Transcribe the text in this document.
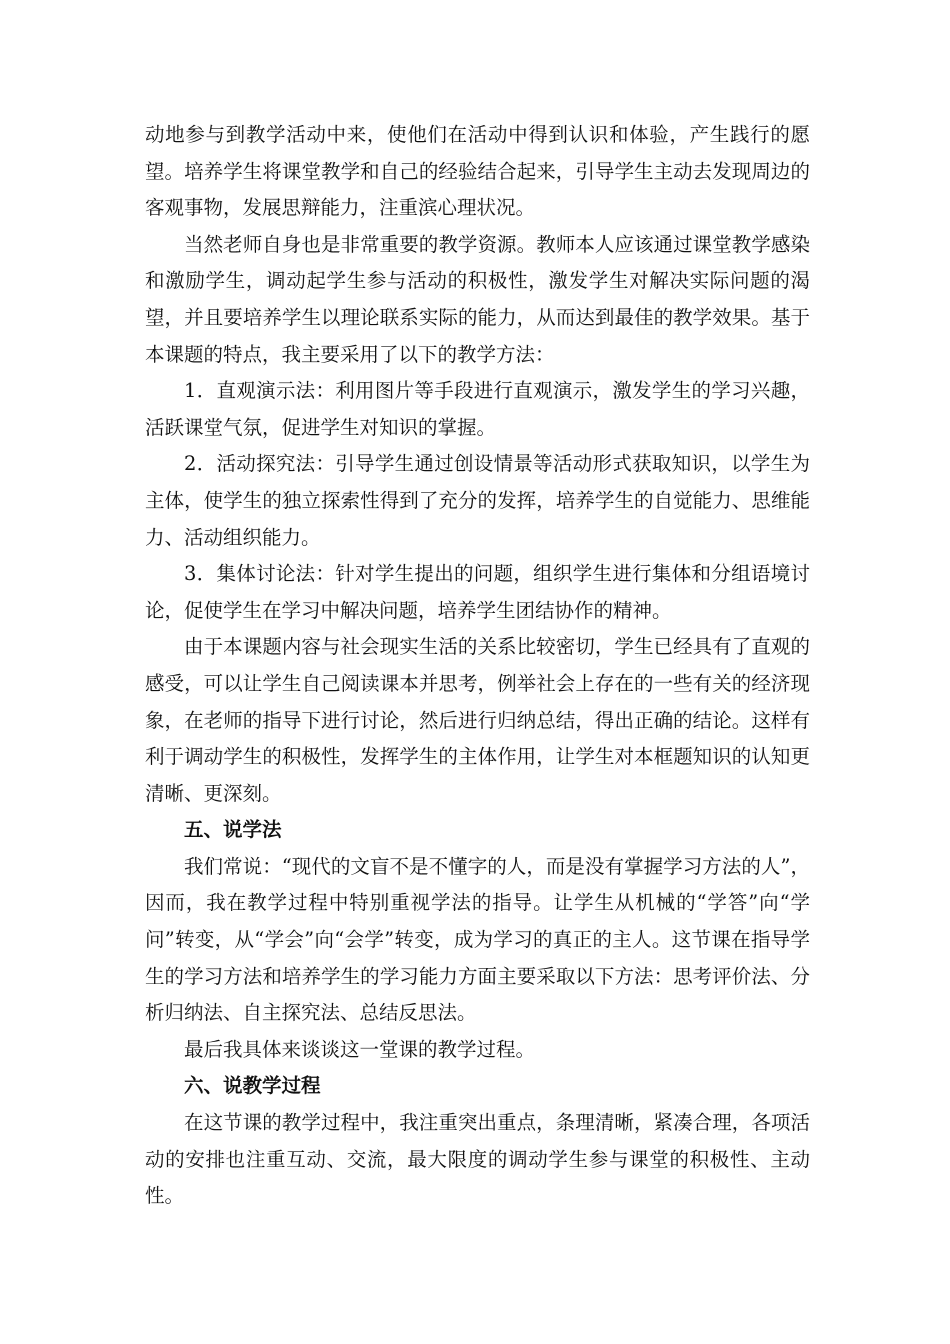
动地参与到教学活动中来，使他们在活动中得到认识和体验，产生践行的愿望。培养学生将课堂教学和自己的经验结合起来，引导学生主动去发现周边的客观事物，发展思辩能力，注重滨心理状况。

当然老师自身也是非常重要的教学资源。教师本人应该通过课堂教学感染和激励学生，调动起学生参与活动的积极性，激发学生对解决实际问题的渴望，并且要培养学生以理论联系实际的能力，从而达到最佳的教学效果。基于本课题的特点，我主要采用了以下的教学方法：

1．直观演示法：利用图片等手段进行直观演示，激发学生的学习兴趣，活跃课堂气氛，促进学生对知识的掌握。

2．活动探究法：引导学生通过创设情景等活动形式获取知识，以学生为主体，使学生的独立探索性得到了充分的发挥，培养学生的自觉能力、思维能力、活动组织能力。

3．集体讨论法：针对学生提出的问题，组织学生进行集体和分组语境讨论，促使学生在学习中解决问题，培养学生团结协作的精神。

由于本课题内容与社会现实生活的关系比较密切，学生已经具有了直观的感受，可以让学生自己阅读课本并思考，例举社会上存在的一些有关的经济现象，在老师的指导下进行讨论，然后进行归纳总结，得出正确的结论。这样有利于调动学生的积极性，发挥学生的主体作用，让学生对本框题知识的认知更清晰、更深刻。

五、说学法

我们常说：“现代的文盲不是不懂字的人，而是没有掌握学习方法的人”，因而，我在教学过程中特别重视学法的指导。让学生从机械的“学答”向“学问”转变，从“学会”向“会学”转变，成为学习的真正的主人。这节课在指导学生的学习方法和培养学生的学习能力方面主要采取以下方法：思考评价法、分析归纳法、自主探究法、总结反思法。

最后我具体来谈谈这一堂课的教学过程。

六、说教学过程

在这节课的教学过程中，我注重突出重点，条理清晰，紧凑合理，各项活动的安排也注重互动、交流，最大限度的调动学生参与课堂的积极性、主动性。
